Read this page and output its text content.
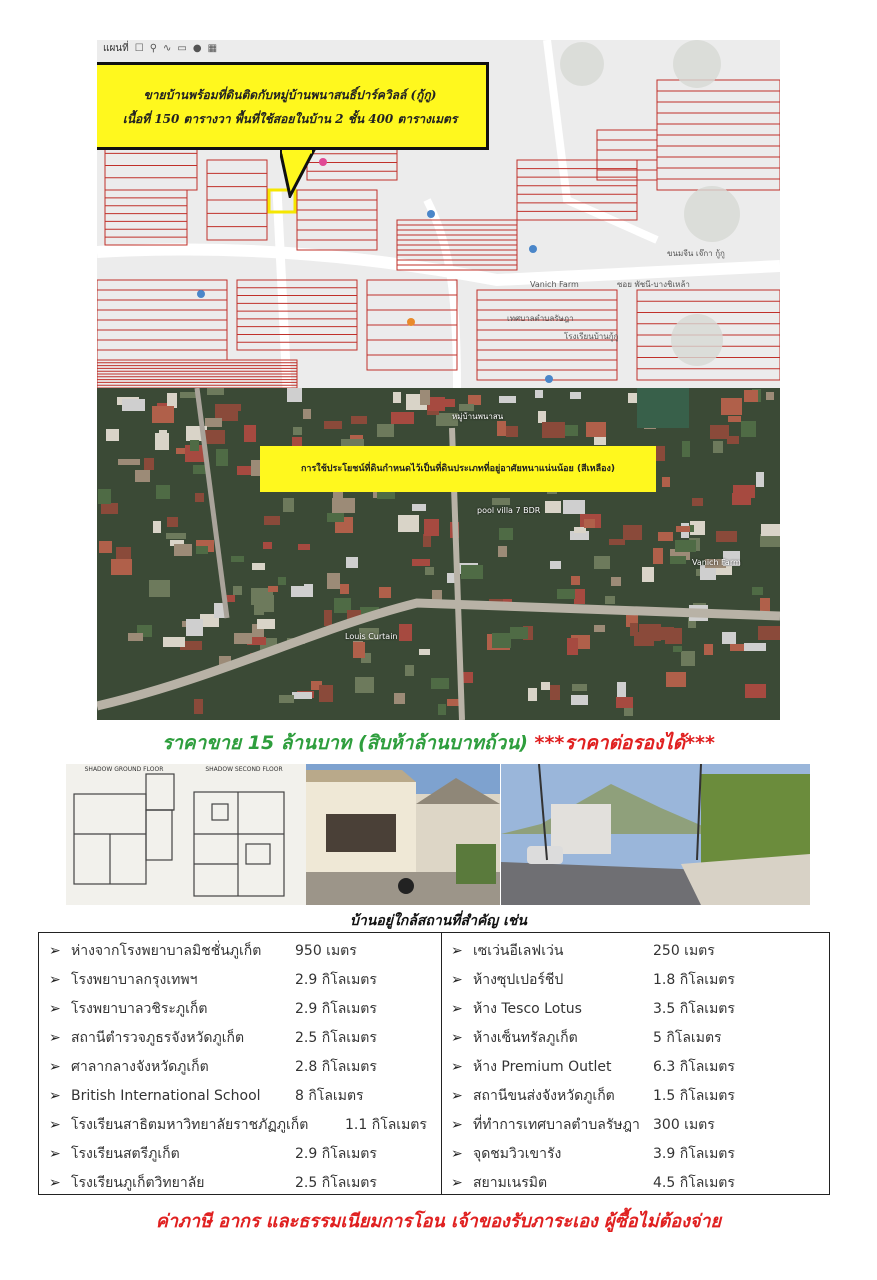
แผนที่ ☐ ⚲ ∿ ▭ ● ▦
ขายบ้านพร้อมที่ดินติดกับหมู่บ้านพนาสนธิ์ปาร์ควิลล์ (กู้กู)
เนื้อที่ 150 ตารางวา พื้นที่ใช้สอยในบ้าน 2 ชั้น 400 ตารางเมตร
Vanich Farm	ซอย พัชนี-บางชิเหล้า
เทศบาลตำบลรัษฎา
โรงเรียนบ้านกู้กู
ขนมจีน เจ๊กา กู้กู
การใช้ประโยชน์ที่ดินกำหนดไว้เป็นที่ดินประเภทที่อยู่อาศัยหนาแน่นน้อย (สีเหลือง)
pool villa 7 BDR
Vanich Farm
Louis Curtain
หมู่บ้านพนาสน
ราคาขาย 15 ล้านบาท (สิบห้าล้านบาทถ้วน) ***ราคาต่อรองได้***
SHADOW GROUND FLOOR	SHADOW SECOND FLOOR
บ้านอยู่ใกล้สถานที่สำคัญ เช่น
➢ ห่างจากโรงพยาบาลมิชชั่นภูเก็ต 950 เมตร
➢ โรงพยาบาลกรุงเทพฯ	2.9 กิโลเมตร
➢ โรงพยาบาลวชิระภูเก็ต	2.9 กิโลเมตร
➢ สถานีตำรวจภูธรจังหวัดภูเก็ต	2.5 กิโลเมตร
➢ ศาลากลางจังหวัดภูเก็ต	2.8 กิโลเมตร
➢ British International School 8 กิโลเมตร
➢ โรงเรียนสาธิตมหาวิทยาลัยราชภัฏภูเก็ต	1.1 กิโลเมตร
➢ โรงเรียนสตรีภูเก็ต	2.9 กิโลเมตร
➢ โรงเรียนภูเก็ตวิทยาลัย	2.5 กิโลเมตร
➢ เซเว่นอีเลฟเว่น	250 เมตร
➢ ห้างซุปเปอร์ชีป	1.8 กิโลเมตร
➢ ห้าง Tesco Lotus	3.5 กิโลเมตร
➢ ห้างเซ็นทรัลภูเก็ต	5 กิโลเมตร
➢ ห้าง Premium Outlet	6.3 กิโลเมตร
➢ สถานีขนส่งจังหวัดภูเก็ต	1.5 กิโลเมตร
➢ ที่ทำการเทศบาลตำบลรัษฎา 300 เมตร
➢ จุดชมวิวเขารัง	3.9 กิโลเมตร
➢ สยามเนรมิต	4.5 กิโลเมตร
ค่าภาษี อากร และธรรมเนียมการโอน เจ้าของรับภาระเอง ผู้ซื้อไม่ต้องจ่าย
